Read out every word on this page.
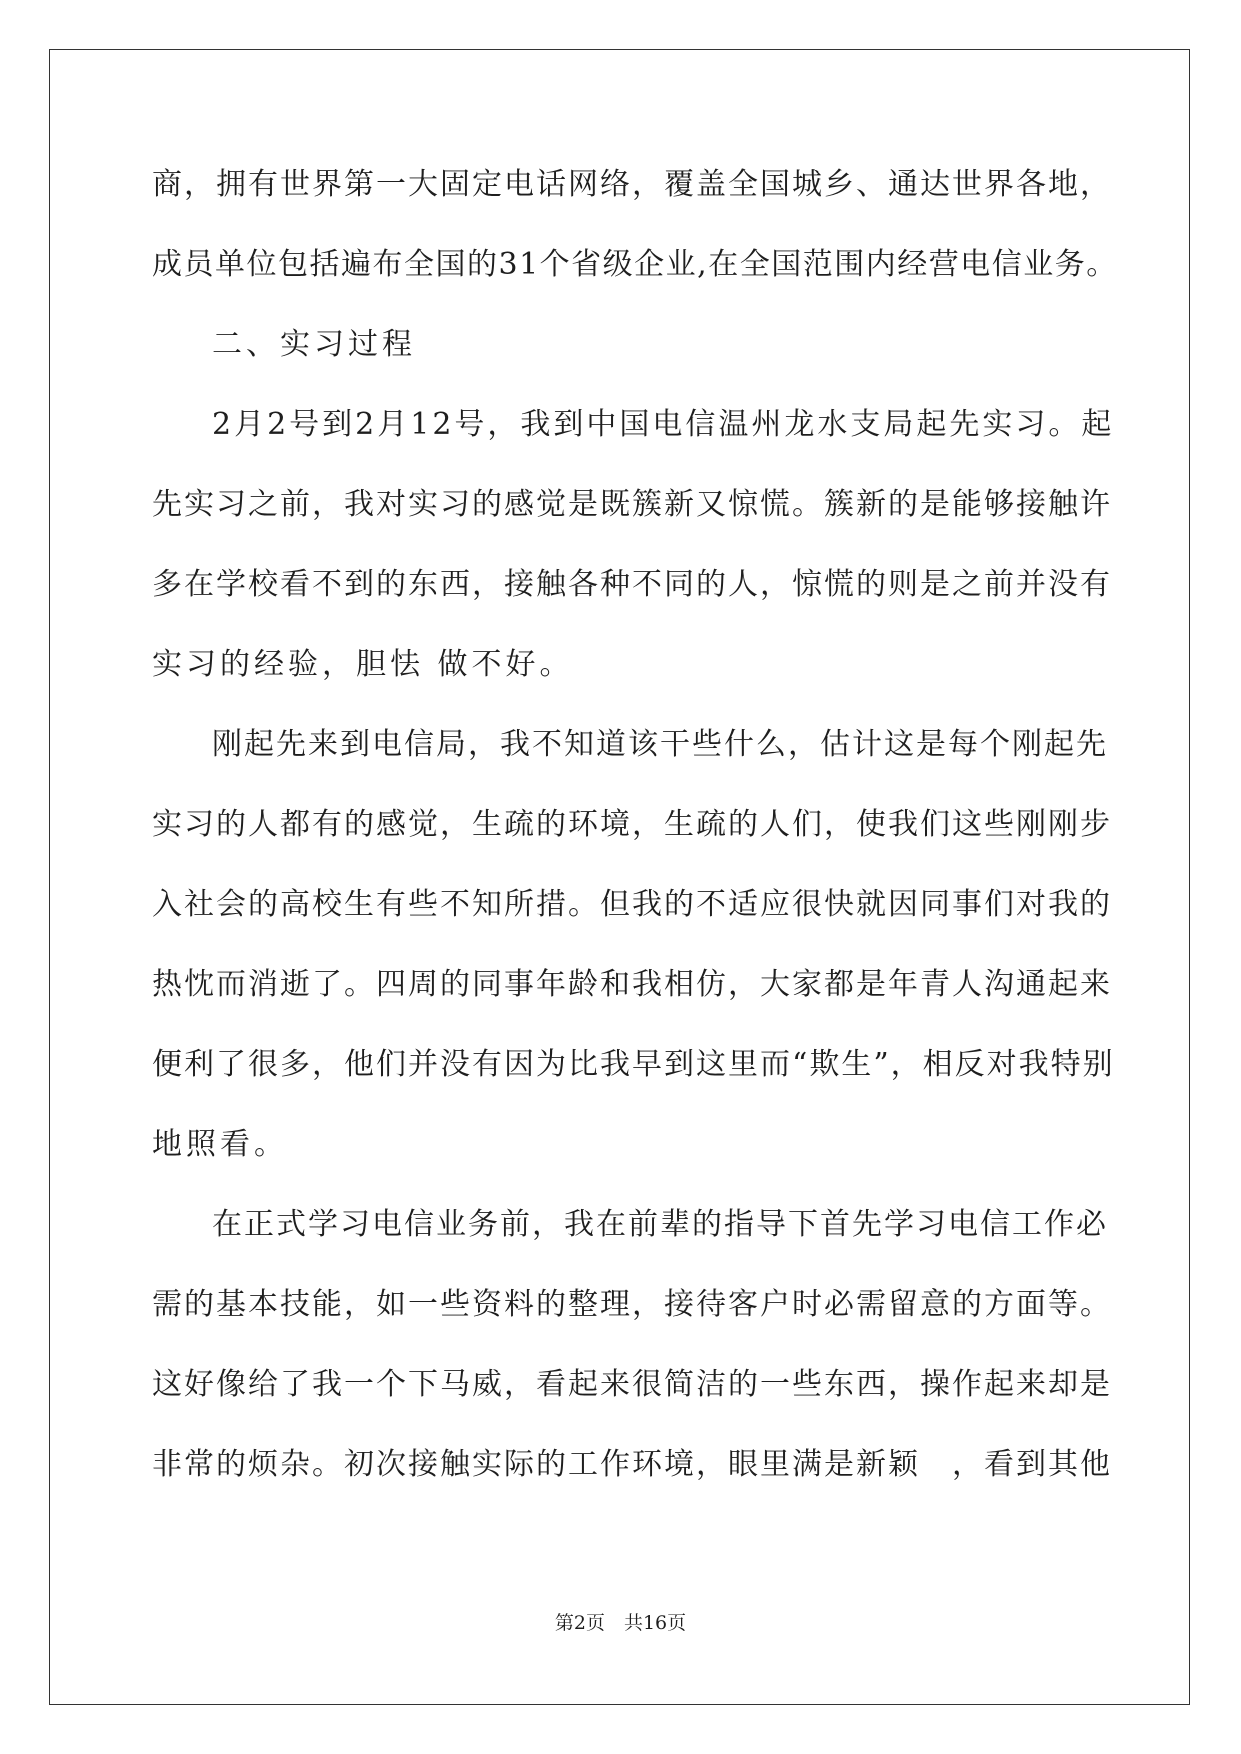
商，拥有世界第一大固定电话网络，覆盖全国城乡、通达世界各地，

成员单位包括遍布全国的31个省级企业,在全国范围内经营电信业务。

二、实习过程

2月2号到2月12号，我到中国电信温州龙水支局起先实习。起

先实习之前，我对实习的感觉是既簇新又惊慌。簇新的是能够接触许

多在学校看不到的东西，接触各种不同的人，惊慌的则是之前并没有

实习的经验，胆怯 做不好。

刚起先来到电信局，我不知道该干些什么，估计这是每个刚起先

实习的人都有的感觉，生疏的环境，生疏的人们，使我们这些刚刚步

入社会的高校生有些不知所措。但我的不适应很快就因同事们对我的

热忱而消逝了。四周的同事年龄和我相仿，大家都是年青人沟通起来

便利了很多，他们并没有因为比我早到这里而“欺生”，相反对我特别

地照看。

在正式学习电信业务前，我在前辈的指导下首先学习电信工作必

需的基本技能，如一些资料的整理，接待客户时必需留意的方面等。

这好像给了我一个下马威，看起来很简洁的一些东西，操作起来却是

非常的烦杂。初次接触实际的工作环境，眼里满是新颖　，看到其他

第2页　共16页
